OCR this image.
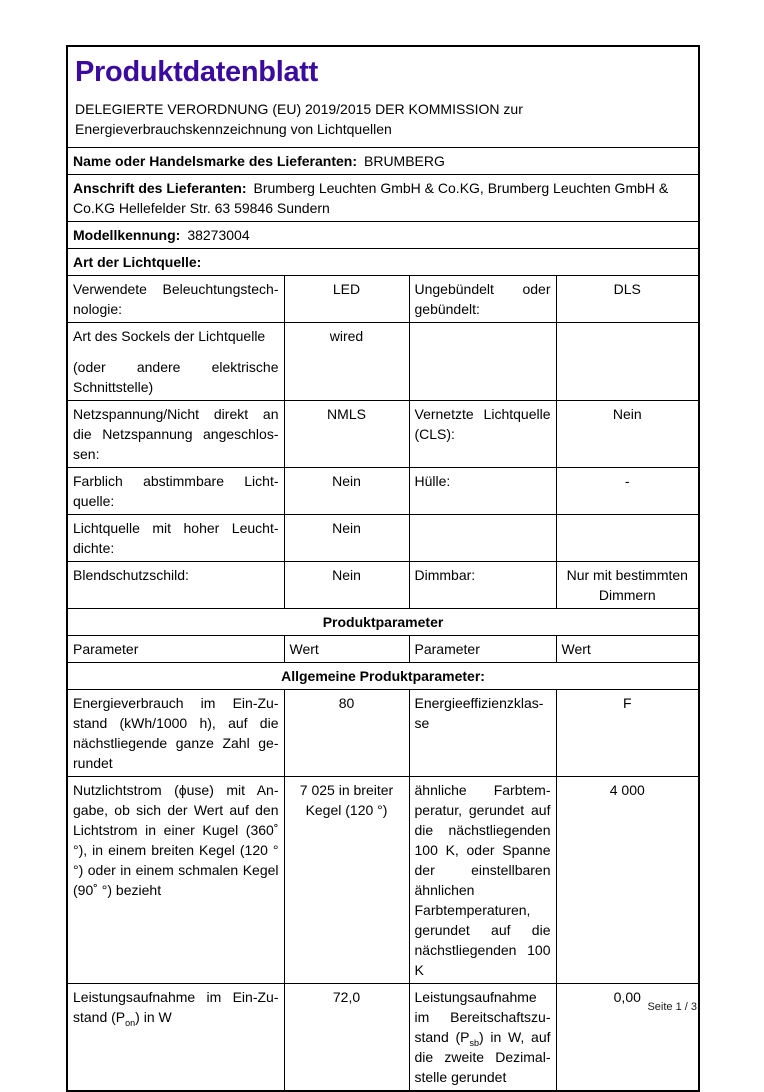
Produktdatenblatt
DELEGIERTE VERORDNUNG (EU) 2019/2015 DER KOMMISSION zur Energieverbrauchskennzeichnung von Lichtquellen			

Name oder Handelsmarke des Lieferanten: BRUMBERG			
Anschrift des Lieferanten: Brumberg Leuchten GmbH & Co.KG, Brumberg Leuchten GmbH & Co.KG Hellefelder Str. 63 59846 Sundern			
Modellkennung: 38273004			
Art der Lichtquelle:			
Verwendete Beleuchtungstechnologie:	LED	Ungebündelt oder gebündelt:	DLS

Art des Sockels der Lichtquelle
(oder andere elektrische Schnittstelle)	wired		
Netzspannung/Nicht direkt an die Netzspannung angeschlossen:	NMLS	Vernetzte Lichtquelle (CLS):	Nein
Farblich abstimmbare Lichtquelle:	Nein	Hülle:	-
Lichtquelle mit hoher Leuchtdichte:	Nein		
Blendschutzschild:	Nein	Dimmbar:	Nur mit bestimmten Dimmern
Produktparameter			
Parameter	Wert	Parameter	Wert
Allgemeine Produktparameter:			
Energieverbrauch im Ein-Zustand (kWh/1000 h), auf die nächstliegende ganze Zahl gerundet	80	Energieeffizienzklasse	F
Nutzlichtstrom (ϕuse) mit Angabe, ob sich der Wert auf den Lichtstrom in einer Kugel (360˚ °), in einem breiten Kegel (120 °°) oder in einem schmalen Kegel (90˚ °) bezieht	7 025 in breiter Kegel (120 °)	ähnliche Farbtemperatur, gerundet auf die nächstliegenden 100 K, oder Spanne der einstellbaren ähnlichen Farbtemperaturen, gerundet auf die nächstliegenden 100 K	4 000
Leistungsaufnahme im Ein-Zustand $(P_{on})$ in W	72,0	Leistungsaufnahme im Bereitschaftszustand $(P_{sb})$ in W, auf die zweite Dezimalstelle gerundet	0,00
Seite 1 / 3
